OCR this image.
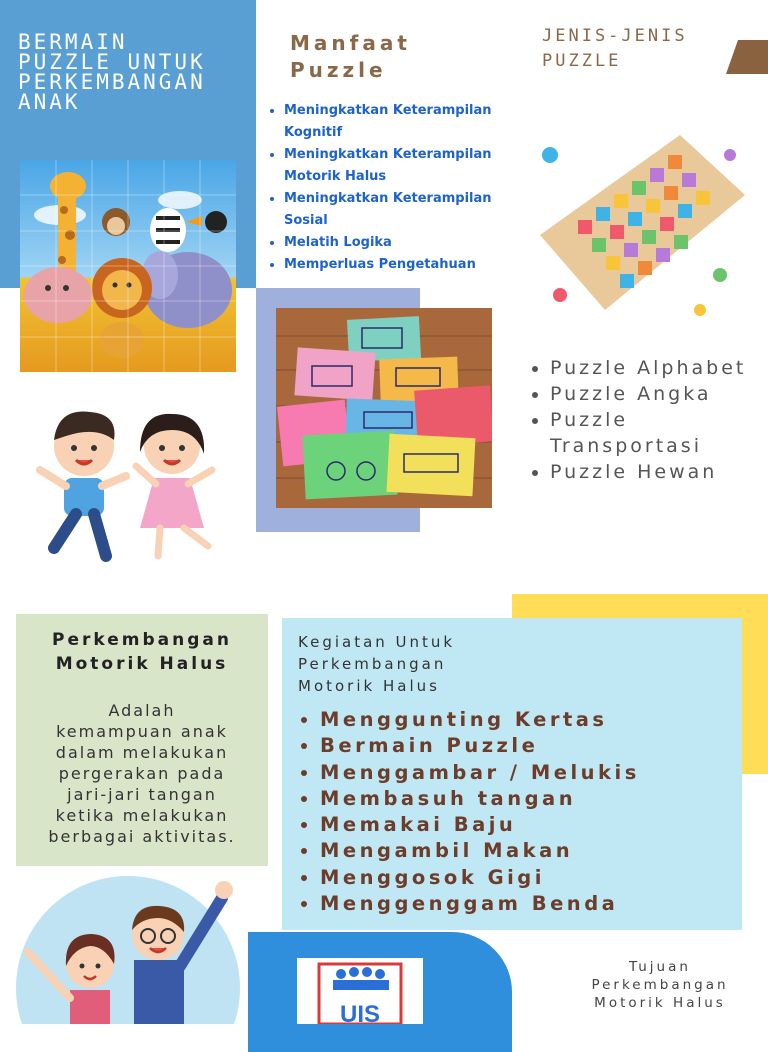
BERMAIN
PUZZLE UNTUK
PERKEMBANGAN
ANAK
Manfaat
Puzzle
• Meningkatkan Keterampilan Kognitif
• Meningkatkan Keterampilan Motorik Halus
• Meningkatkan Keterampilan Sosial
• Melatih Logika
• Memperluas Pengetahuan
JENIS-JENIS
PUZZLE
• Puzzle Alphabet
• Puzzle Angka
• Puzzle Transportasi
• Puzzle Hewan
Perkembangan
Motorik Halus
Adalah
kemampuan anak
dalam melakukan
pergerakan pada
jari-jari tangan
ketika melakukan
berbagai aktivitas.
Kegiatan Untuk
Perkembangan
Motorik Halus
• Menggunting Kertas
• Bermain Puzzle
• Menggambar / Melukis
• Membasuh tangan
• Memakai Baju
• Mengambil Makan
• Menggosok Gigi
• Menggenggam Benda
UIS
Tujuan
Perkembangan
Motorik Halus
